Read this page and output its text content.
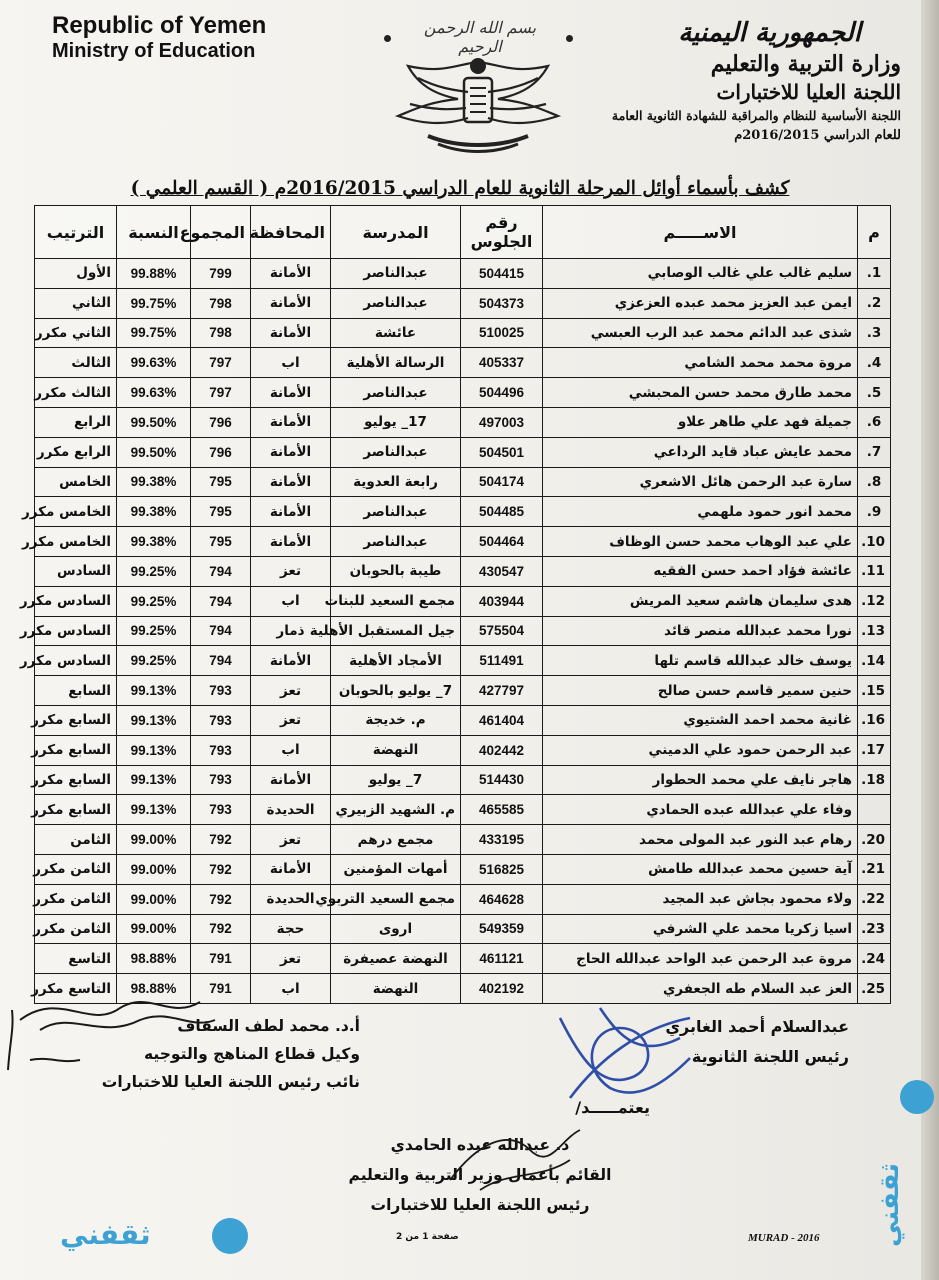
Republic of Yemen
Ministry of Education
بسم الله الرحمن الرحيم	الجمهورية اليمنية
وزارة التربية والتعليم
اللجنة العليا للاختبارات
اللجنة الأساسية للنظام والمراقبة للشهادة الثانوية العامة
للعام الدراسي 2016/2015م
كشف بأسماء أوائل المرحلة الثانوية للعام الدراسي 2016/2015م ( القسم العلمي )
م	الاســـــم	رقم الجلوس	المدرسة	المحافظة	المجموع	النسبة	الترتيب
1.	سليم غالب علي غالب الوصابي	504415	عبدالناصر	الأمانة	799	99.88%	الأول
2.	ايمن عبد العزيز محمد عبده العزعزي	504373	عبدالناصر	الأمانة	798	99.75%	الثاني
3.	شذى عبد الدائم محمد عبد الرب العبسي	510025	عائشة	الأمانة	798	99.75%	الثاني مكرر
4.	مروة محمد محمد الشامي	405337	الرسالة الأهلية	اب	797	99.63%	الثالث
5.	محمد طارق محمد حسن المحبشي	504496	عبدالناصر	الأمانة	797	99.63%	الثالث مكرر
6.	جميلة فهد علي طاهر علاو	497003	17_ يوليو	الأمانة	796	99.50%	الرابع
7.	محمد عايش عباد قايد الرداعي	504501	عبدالناصر	الأمانة	796	99.50%	الرابع مكرر
8.	سارة عبد الرحمن هائل الاشعري	504174	رابعة العدوية	الأمانة	795	99.38%	الخامس
9.	محمد انور حمود ملهمي	504485	عبدالناصر	الأمانة	795	99.38%	الخامس مكرر
10.	علي عبد الوهاب محمد حسن الوظاف	504464	عبدالناصر	الأمانة	795	99.38%	الخامس مكرر
11.	عائشة فؤاد احمد حسن الفقيه	430547	طيبة بالحوبان	تعز	794	99.25%	السادس
12.	هدى سليمان هاشم سعيد المريش	403944	مجمع السعيد للبنات	اب	794	99.25%	السادس مكرر
13.	نورا محمد عبدالله منصر قائد	575504	جيل المستقبل الأهلية	ذمار	794	99.25%	السادس مكرر
14.	يوسف خالد عبدالله قاسم تلها	511491	الأمجاد الأهلية	الأمانة	794	99.25%	السادس مكرر
15.	حنين سمير قاسم حسن صالح	427797	7_ يوليو بالحوبان	تعز	793	99.13%	السابع
16.	غانية محمد احمد الشتيوي	461404	م. خديجة	تعز	793	99.13%	السابع مكرر
17.	عبد الرحمن حمود علي الدميني	402442	النهضة	اب	793	99.13%	السابع مكرر
18.	هاجر نايف علي محمد الحطوار	514430	7_ يوليو	الأمانة	793	99.13%	السابع مكرر
	وفاء علي عبدالله عبده الحمادي	465585	م. الشهيد الزبيري	الحديدة	793	99.13%	السابع مكرر
20.	رهام عبد النور عبد المولى محمد	433195	مجمع درهم	تعز	792	99.00%	الثامن
21.	آية حسين محمد عبدالله طامش	516825	أمهات المؤمنين	الأمانة	792	99.00%	الثامن مكرر
22.	ولاء محمود بجاش عبد المجيد	464628	مجمع السعيد التربوي	الحديدة	792	99.00%	الثامن مكرر
23.	اسيا زكريا محمد علي الشرفي	549359	اروى	حجة	792	99.00%	الثامن مكرر
24.	مروة عبد الرحمن عبد الواحد عبدالله الحاج	461121	النهضة عصيفرة	تعز	791	98.88%	التاسع
25.	العز عبد السلام طه الجعفري	402192	النهضة	اب	791	98.88%	التاسع مكرر
عبدالسلام أحمد الغابري
رئيس اللجنة الثانوية
أ.د. محمد لطف السقاف
وكيل قطاع المناهج والتوجيه
نائب رئيس اللجنة العليا للاختبارات
يعتمـــــد/
د. عبدالله عبده الحامدي
القائم بأعمال وزير التربية والتعليم
رئيس اللجنة العليا للاختبارات
صفحة 1 من 2	MURAD - 2016
ثقفني	ثقفني
